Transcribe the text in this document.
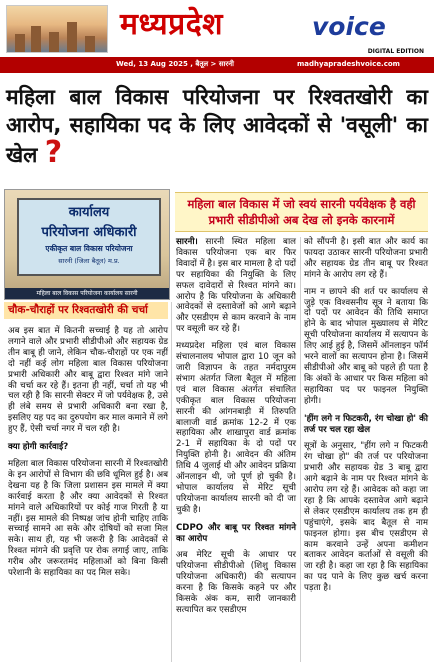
मध्यप्रदेश	voice
DIGITAL EDITION
Wed, 13 Aug 2025 , बैतूल > सारनी	madhyapradeshvoice.com
महिला बाल विकास परियोजना पर रिश्वतखोरी का आरोप, सहायिका पद के लिए आवेदकों से 'वसूली' का खेल ?
कार्यालय
परियोजना अधिकारी
एकीकृत बाल विकास परियोजना
सारनी (जिला बैतूल) म.प्र.
महिला बाल विकास परियोजना कार्यालय सारनी
महिला बाल विकास में जो स्वयं सारनी पर्यवेक्षक है वही प्रभारी सीडीपीओ अब देख लो इनके कारनामें
चौक-चौराहों पर रिश्वतखोरी की चर्चा

अब इस बात में कितनी सच्चाई है यह तो आरोप लगाने वाले और प्रभारी सीडीपीओ और सहायक ग्रेड तीन बाबू ही जाने, लेकिन चौक-चौराहों पर एक नहीं दो नहीं कई लोग महिला बाल विकास परियोजना प्रभारी अधिकारी और बाबू द्वारा रिश्वत मांगे जाने की चर्चा कर रहे हैं। इतना ही नहीं, चर्चा तो यह भी चल रही है कि सारनी सेक्टर में जो पर्यवेक्षक है, उसे ही लंबे समय से प्रभारी अधिकारी बना रखा है, इसलिए यह पद का दुरुपयोग कर माल कमाने में लगे हुए हैं, ऐसी चर्चा नगर में चल रही है।

क्या होगी कार्रवाई?

महिला बाल विकास परियोजना सारनी में रिश्वतखोरी के इन आरोपों से विभाग की छवि धूमिल हुई है। अब देखना यह है कि जिला प्रशासन इस मामले में क्या कार्रवाई करता है और क्या आवेदकों से रिश्वत मांगने वाले अधिकारियों पर कोई गाज गिरती है या नहीं। इस मामले की निष्पक्ष जांच होनी चाहिए ताकि सच्चाई सामने आ सके और दोषियों को सजा मिल सके। साथ ही, यह भी जरूरी है कि आवेदकों से रिश्वत मांगने की प्रवृत्ति पर रोक लगाई जाए, ताकि गरीब और जरूरतमंद महिलाओं को बिना किसी परेशानी के सहायिका का पद मिल सके।

सारनी। सारनी स्थित महिला बाल विकास परियोजना एक बार फिर विवादों में है। इस बार मामला है दो पदों पर सहायिका की नियुक्ति के लिए सफल दावेदारों से रिश्वत मांगने का। आरोप है कि परियोजना के अधिकारी आवेदकों से दस्तावेजों को आगे बढ़ाने और एसडीएम से काम करवाने के नाम पर वसूली कर रहे हैं।

मध्यप्रदेश महिला एवं बाल विकास संचालनालय भोपाल द्वारा 10 जून को जारी विज्ञापन के तहत नर्मदापुरम संभाग अंतर्गत जिला बैतूल में महिला एवं बाल विकास अंतर्गत संचालित एकीकृत बाल विकास परियोजना सारनी की आंगनबाड़ी में तिरुपति बालाजी वार्ड क्रमांक 12-2 में एक सहायिका और शाखापुरा वार्ड क्रमांक 2-1 में सहायिका के दो पदों पर नियुक्ति होनी है। आवेदन की अंतिम तिथि 4 जुलाई थी और आवेदन प्रक्रिया ऑनलाइन थी, जो पूर्ण हो चुकी है। भोपाल कार्यालय से मेरिट सूची परियोजना कार्यालय सारनी को दी जा चुकी है।

CDPO और बाबू पर रिश्वत मांगने का आरोप

अब मेरिट सूची के आधार पर परियोजना सीडीपीओ (शिशु विकास परियोजना अधिकारी) की सत्यापन करना है कि किसके कहने पर और किसके अंक कम, सारी जानकारी सत्यापित कर एसडीएम

को सौंपनी है। इसी बात और कार्य का फायदा उठाकर सारनी परियोजना प्रभारी और सहायक ग्रेड तीन बाबू पर रिश्वत मांगने के आरोप लग रहे हैं।

नाम न छापने की शर्त पर कार्यालय से जुड़े एक विश्वसनीय सूत्र ने बताया कि दो पदों पर आवेदन की तिथि समाप्त होने के बाद भोपाल मुख्यालय से मेरिट सूची परियोजना कार्यालय में सत्यापन के लिए आई हुई है, जिसमें ऑनलाइन फॉर्म भरने वालों का सत्यापन होना है। जिसमें सीडीपीओ और बाबू को पहले ही पता है कि अंकों के आधार पर किस महिला को सहायिका पद पर फाइनल नियुक्ति होगी।

'हींग लगे न फिटकरी, रंग चोखा हो' की तर्ज पर चल रहा खेल

सूत्रों के अनुसार, "हींग लगे न फिटकरी रंग चोखा हो" की तर्ज पर परियोजना प्रभारी और सहायक ग्रेड 3 बाबू द्वारा आगे बढ़ाने के नाम पर रिश्वत मांगने के आरोप लग रहे हैं। आवेदक को कहा जा रहा है कि आपके दस्तावेज आगे बढ़ाने से लेकर एसडीएम कार्यालय तक हम ही पहुंचाएंगे, इसके बाद बैतूल से नाम फाइनल होगा। इस बीच एसडीएम से काम करवाने उन्हें अपना कमीशन बताकर आवेदन कर्ताओं से वसूली की जा रही है। कहा जा रहा है कि सहायिका का पद पाने के लिए कुछ खर्च करना पड़ता है।
